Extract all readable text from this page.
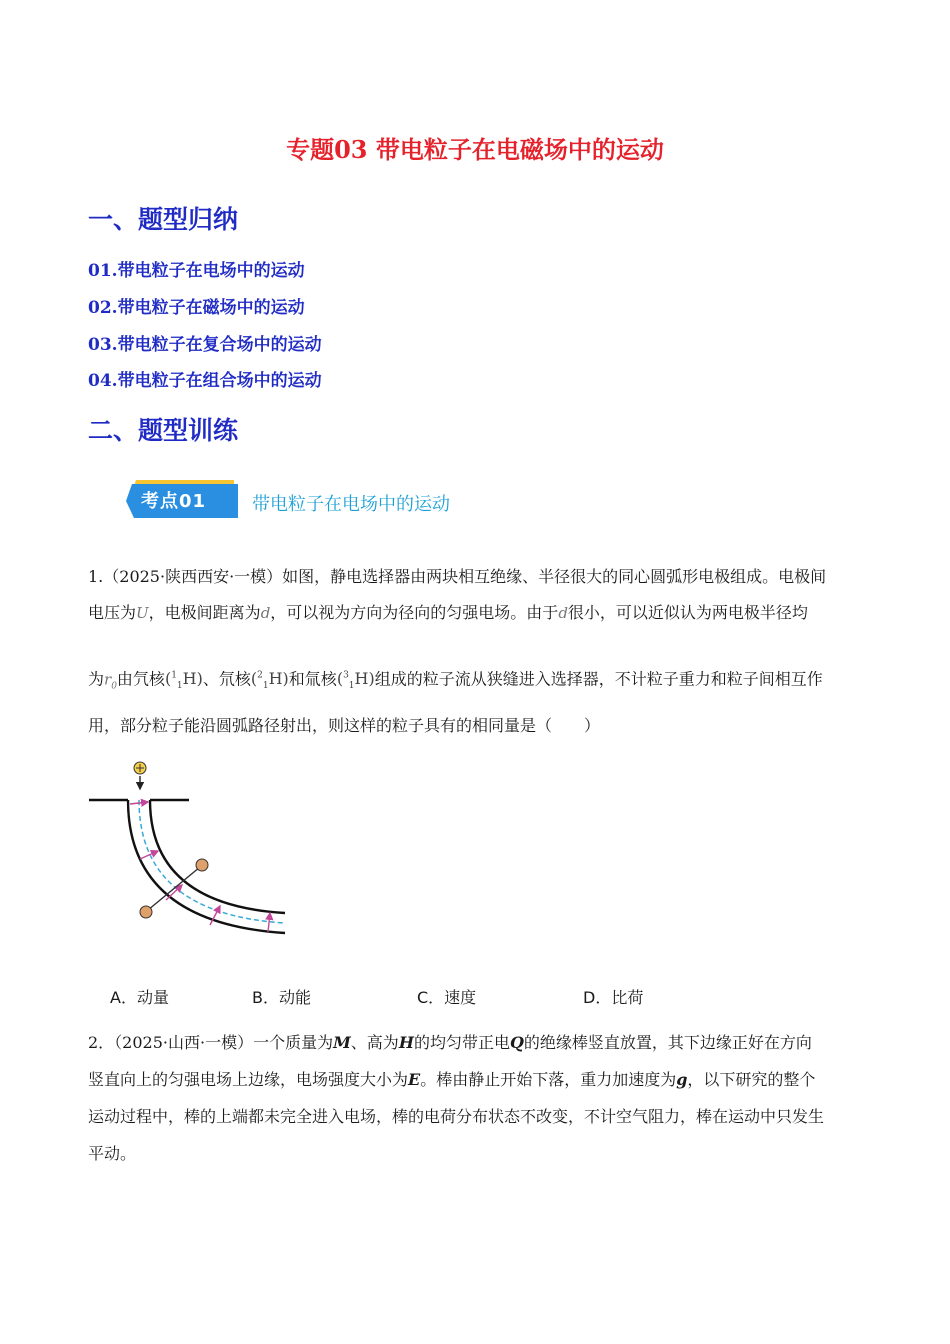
专题03 带电粒子在电磁场中的运动
一、题型归纳
01.带电粒子在电场中的运动
02.带电粒子在磁场中的运动
03.带电粒子在复合场中的运动
04.带电粒子在组合场中的运动
二、题型训练
考点01	带电粒子在电场中的运动
1.（2025·陕西西安·一模）如图，静电选择器由两块相互绝缘、半径很大的同心圆弧形电极组成。电极间
电压为U，电极间距离为d，可以视为方向为径向的匀强电场。由于d很小，可以近似认为两电极半径均
为$r_0$由氕核($^1_1$H)、氘核($^2_1$H)和氚核($^3_1$H)组成的粒子流从狭缝进入选择器，不计粒子重力和粒子间相互作
用，部分粒子能沿圆弧路径射出，则这样的粒子具有的相同量是（　　）
A．动量	B．动能	C．速度	D．比荷
2．（2025·山西·一模）一个质量为M、高为H的均匀带正电Q的绝缘棒竖直放置，其下边缘正好在方向
竖直向上的匀强电场上边缘，电场强度大小为E。棒由静止开始下落，重力加速度为g，以下研究的整个
运动过程中，棒的上端都未完全进入电场，棒的电荷分布状态不改变，不计空气阻力，棒在运动中只发生
平动。
